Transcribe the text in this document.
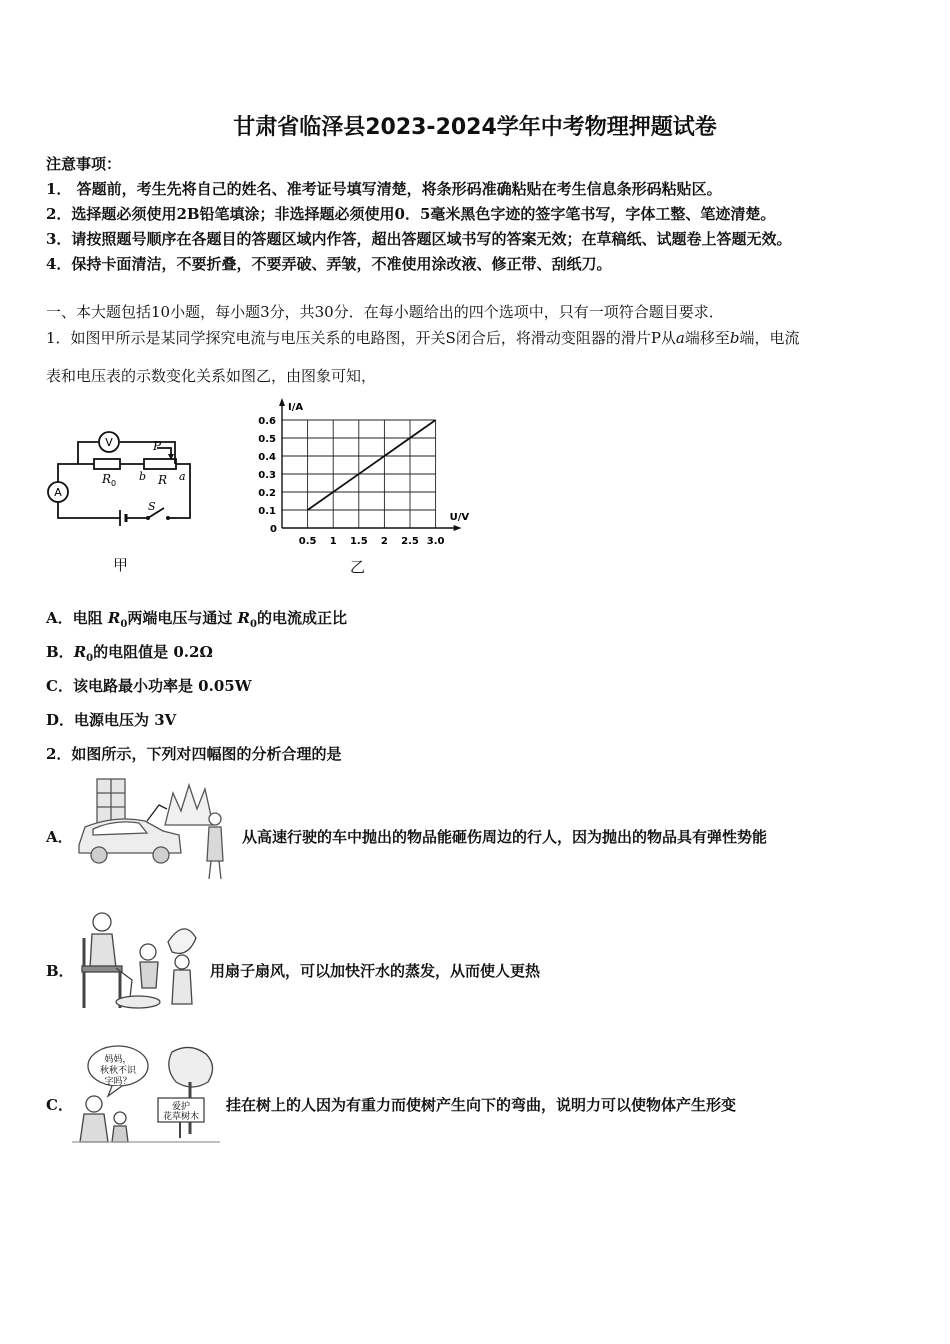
甘肃省临泽县2023-2024学年中考物理押题试卷
注意事项：
1． 答题前，考生先将自己的姓名、准考证号填写清楚，将条形码准确粘贴在考生信息条形码粘贴区。
2．选择题必须使用2B铅笔填涂；非选择题必须使用0．5毫米黑色字迹的签字笔书写，字体工整、笔迹清楚。
3．请按照题号顺序在各题目的答题区域内作答，超出答题区域书写的答案无效；在草稿纸、试题卷上答题无效。
4．保持卡面清洁，不要折叠，不要弄破、弄皱，不准使用涂改液、修正带、刮纸刀。
一、本大题包括10小题，每小题3分，共30分．在每小题给出的四个选项中，只有一项符合题目要求．
1．如图甲所示是某同学探究电流与电压关系的电路图，开关S闭合后，将滑动变阻器的滑片P从a端移至b端，电流
表和电压表的示数变化关系如图乙，由图象可知，
V
A
R 0	R
P
a
b
S
甲
I/A
U/V
0
0.5 1 1.5 2 2.5 3.0
0.1
0.2
0.3
0.4
0.5
0.6
乙
A．电阻 $R_0$两端电压与通过 $R_0$的电流成正比
B．$R_0$的电阻值是 0.2Ω
C．该电路最小功率是 0.05W
D．电源电压为 3V
2．如图所示，下列对四幅图的分析合理的是
A．	从高速行驶的车中抛出的物品能砸伤周边的行人，因为抛出的物品具有弹性势能
B．	用扇子扇风，可以加快汗水的蒸发，从而使人更热
C．
妈妈，
秋秋不识
字吗？
爱护
花草树木
挂在树上的人因为有重力而使树产生向下的弯曲，说明力可以使物体产生形变
